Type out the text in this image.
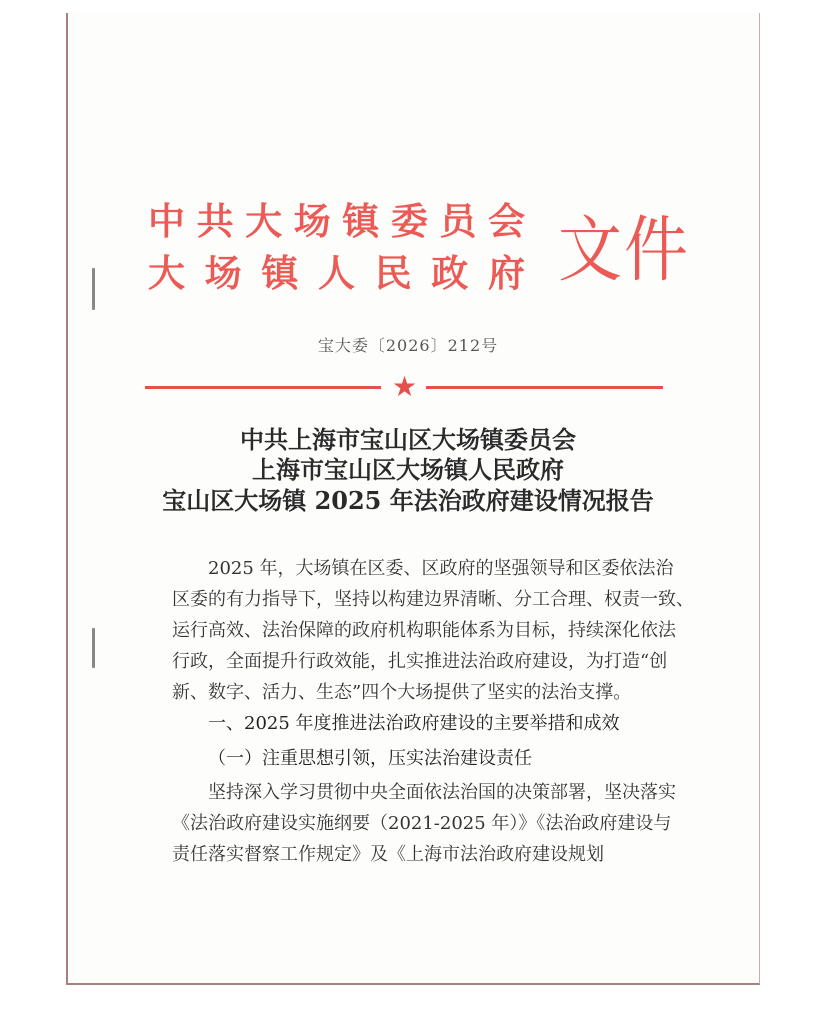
中 共 大 场 镇 委 员 会
大 场 镇 人 民 政 府 文件
宝大委〔2026〕212号
★
中共上海市宝山区大场镇委员会
上海市宝山区大场镇人民政府
宝山区大场镇 2025 年法治政府建设情况报告
2025 年，大场镇在区委、区政府的坚强领导和区委依法治
区委的有力指导下，坚持以构建边界清晰、分工合理、权责一致、
运行高效、法治保障的政府机构职能体系为目标，持续深化依法
行政，全面提升行政效能，扎实推进法治政府建设，为打造“创
新、数字、活力、生态”四个大场提供了坚实的法治支撑。
一、2025 年度推进法治政府建设的主要举措和成效
（一）注重思想引领，压实法治建设责任
坚持深入学习贯彻中央全面依法治国的决策部署，坚决落实
《法治政府建设实施纲要（2021-2025 年）》《法治政府建设与
责任落实督察工作规定》及《上海市法治政府建设规划
